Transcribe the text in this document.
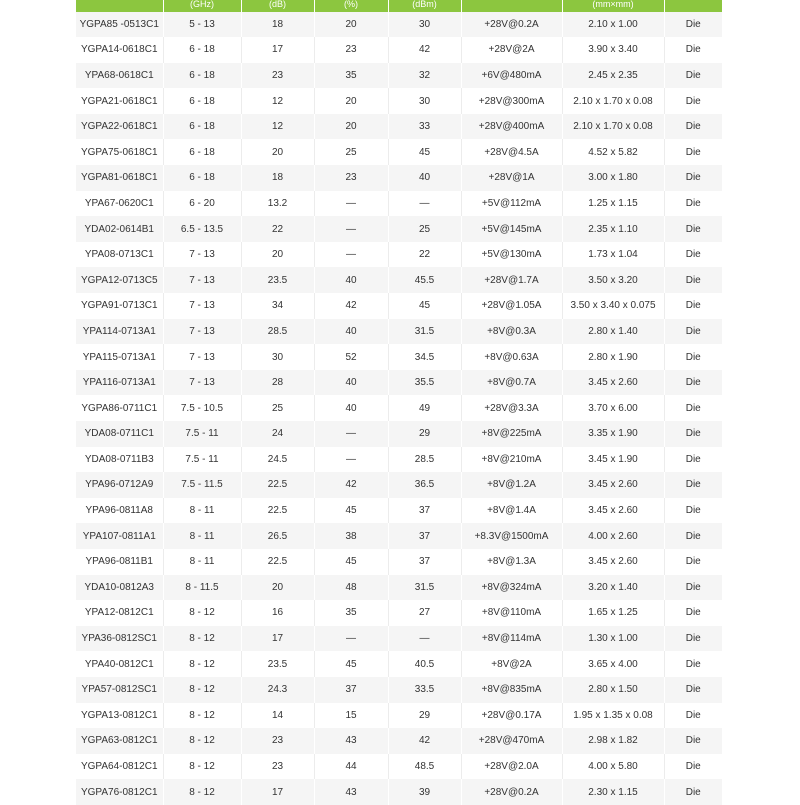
	(GHz)	(dB)	(%)	(dBm)		(mm×mm)	
YGPA85 -0513C1	5 - 13	18	20	30	+28V@0.2A	2.10 x 1.00	Die
YGPA14-0618C1	6 - 18	17	23	42	+28V@2A	3.90 x 3.40	Die
YPA68-0618C1	6 - 18	23	35	32	+6V@480mA	2.45 x 2.35	Die
YGPA21-0618C1	6 - 18	12	20	30	+28V@300mA	2.10 x 1.70 x 0.08	Die
YGPA22-0618C1	6 - 18	12	20	33	+28V@400mA	2.10 x 1.70 x 0.08	Die
YGPA75-0618C1	6 - 18	20	25	45	+28V@4.5A	4.52 x 5.82	Die
YGPA81-0618C1	6 - 18	18	23	40	+28V@1A	3.00 x 1.80	Die
YPA67-0620C1	6 - 20	13.2	—	—	+5V@112mA	1.25 x 1.15	Die
YDA02-0614B1	6.5 - 13.5	22	—	25	+5V@145mA	2.35 x 1.10	Die
YPA08-0713C1	7 - 13	20	—	22	+5V@130mA	1.73 x 1.04	Die
YGPA12-0713C5	7 - 13	23.5	40	45.5	+28V@1.7A	3.50 x 3.20	Die
YGPA91-0713C1	7 - 13	34	42	45	+28V@1.05A	3.50 x 3.40 x 0.075	Die
YPA114-0713A1	7 - 13	28.5	40	31.5	+8V@0.3A	2.80 x 1.40	Die
YPA115-0713A1	7 - 13	30	52	34.5	+8V@0.63A	2.80 x 1.90	Die
YPA116-0713A1	7 - 13	28	40	35.5	+8V@0.7A	3.45 x 2.60	Die
YGPA86-0711C1	7.5 - 10.5	25	40	49	+28V@3.3A	3.70 x 6.00	Die
YDA08-0711C1	7.5 - 11	24	—	29	+8V@225mA	3.35 x 1.90	Die
YDA08-0711B3	7.5 - 11	24.5	—	28.5	+8V@210mA	3.45 x 1.90	Die
YPA96-0712A9	7.5 - 11.5	22.5	42	36.5	+8V@1.2A	3.45 x 2.60	Die
YPA96-0811A8	8 - 11	22.5	45	37	+8V@1.4A	3.45 x 2.60	Die
YPA107-0811A1	8 - 11	26.5	38	37	+8.3V@1500mA	4.00 x 2.60	Die
YPA96-0811B1	8 - 11	22.5	45	37	+8V@1.3A	3.45 x 2.60	Die
YDA10-0812A3	8 - 11.5	20	48	31.5	+8V@324mA	3.20 x 1.40	Die
YPA12-0812C1	8 - 12	16	35	27	+8V@110mA	1.65 x 1.25	Die
YPA36-0812SC1	8 - 12	17	—	—	+8V@114mA	1.30 x 1.00	Die
YPA40-0812C1	8 - 12	23.5	45	40.5	+8V@2A	3.65 x 4.00	Die
YPA57-0812SC1	8 - 12	24.3	37	33.5	+8V@835mA	2.80 x 1.50	Die
YGPA13-0812C1	8 - 12	14	15	29	+28V@0.17A	1.95 x 1.35 x 0.08	Die
YGPA63-0812C1	8 - 12	23	43	42	+28V@470mA	2.98 x 1.82	Die
YGPA64-0812C1	8 - 12	23	44	48.5	+28V@2.0A	4.00 x 5.80	Die
YGPA76-0812C1	8 - 12	17	43	39	+28V@0.2A	2.30 x 1.15	Die
